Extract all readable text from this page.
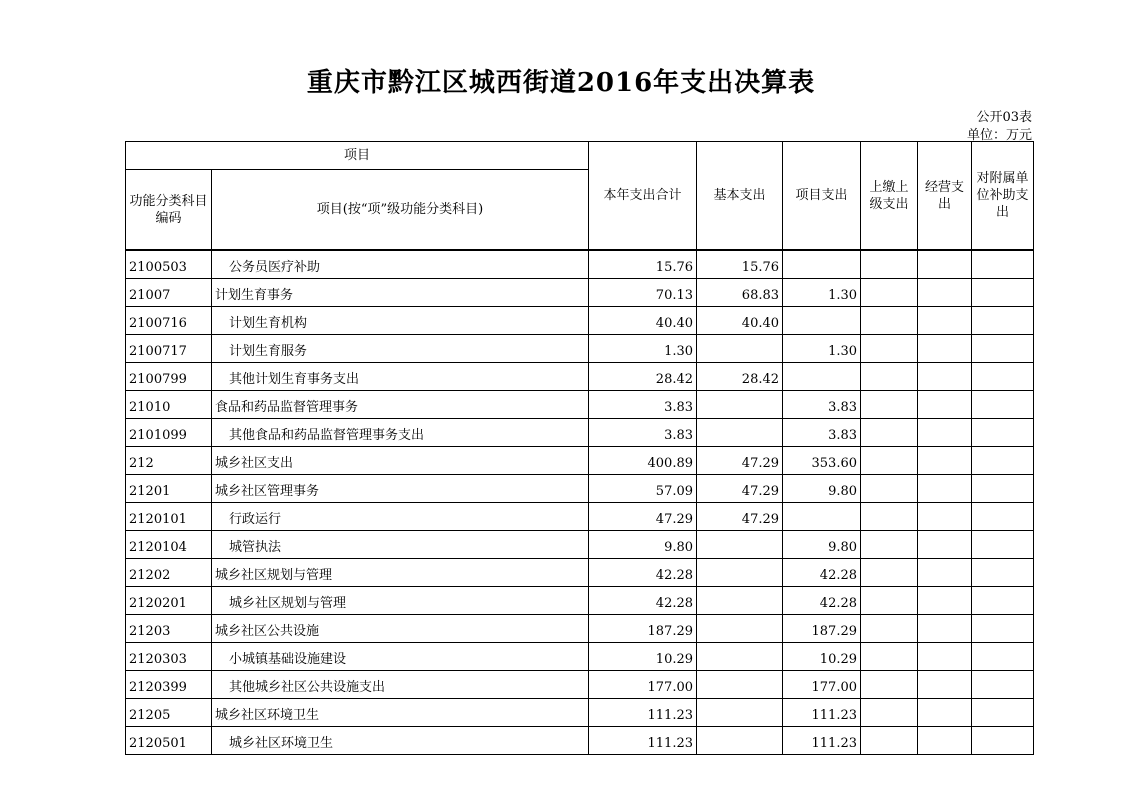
重庆市黔江区城西街道2016年支出决算表
公开03表
单位：万元
项目		本年支出合计	基本支出	项目支出	上缴上级支出	经营支出	对附属单位补助支出
功能分类科目编码	项目(按“项”级功能分类科目)						
2100503	公务员医疗补助	15.76	15.76				
21007	计划生育事务	70.13	68.83	1.30			
2100716	计划生育机构	40.40	40.40				
2100717	计划生育服务	1.30		1.30			
2100799	其他计划生育事务支出	28.42	28.42				
21010	食品和药品监督管理事务	3.83		3.83			
2101099	其他食品和药品监督管理事务支出	3.83		3.83			
212	城乡社区支出	400.89	47.29	353.60			
21201	城乡社区管理事务	57.09	47.29	9.80			
2120101	行政运行	47.29	47.29				
2120104	城管执法	9.80		9.80			
21202	城乡社区规划与管理	42.28		42.28			
2120201	城乡社区规划与管理	42.28		42.28			
21203	城乡社区公共设施	187.29		187.29			
2120303	小城镇基础设施建设	10.29		10.29			
2120399	其他城乡社区公共设施支出	177.00		177.00			
21205	城乡社区环境卫生	111.23		111.23			
2120501	城乡社区环境卫生	111.23		111.23			
